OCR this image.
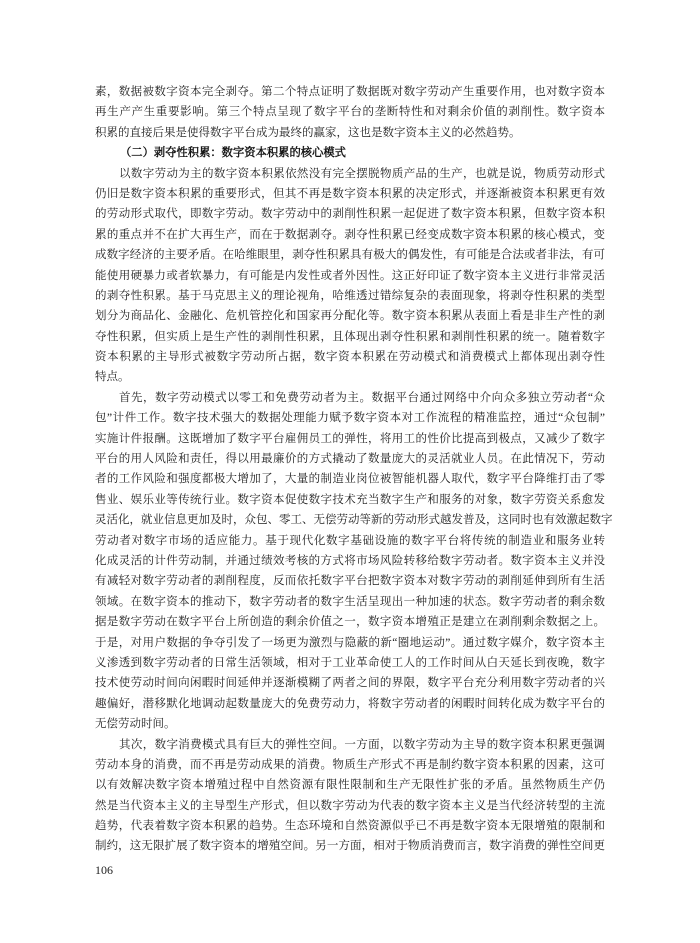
素，数据被数字资本完全剥夺。第二个特点证明了数据既对数字劳动产生重要作用，也对数字资本
再生产产生重要影响。第三个特点呈现了数字平台的垄断特性和对剩余价值的剥削性。数字资本
积累的直接后果是使得数字平台成为最终的赢家，这也是数字资本主义的必然趋势。
（二）剥夺性积累：数字资本积累的核心模式
以数字劳动为主的数字资本积累依然没有完全摆脱物质产品的生产，也就是说，物质劳动形式
仍旧是数字资本积累的重要形式，但其不再是数字资本积累的决定形式，并逐渐被资本积累更有效
的劳动形式取代，即数字劳动。数字劳动中的剥削性积累一起促进了数字资本积累，但数字资本积
累的重点并不在扩大再生产，而在于数据剥夺。剥夺性积累已经变成数字资本积累的核心模式，变
成数字经济的主要矛盾。在哈维眼里，剥夺性积累具有极大的偶发性，有可能是合法或者非法，有可
能使用硬暴力或者软暴力，有可能是内发性或者外因性。这正好印证了数字资本主义进行非常灵活
的剥夺性积累。基于马克思主义的理论视角，哈维透过错综复杂的表面现象，将剥夺性积累的类型
划分为商品化、金融化、危机管控化和国家再分配化等。数字资本积累从表面上看是非生产性的剥
夺性积累，但实质上是生产性的剥削性积累，且体现出剥夺性积累和剥削性积累的统一。随着数字
资本积累的主导形式被数字劳动所占据，数字资本积累在劳动模式和消费模式上都体现出剥夺性
特点。
首先，数字劳动模式以零工和免费劳动者为主。数据平台通过网络中介向众多独立劳动者“众
包”计件工作。数字技术强大的数据处理能力赋予数字资本对工作流程的精准监控，通过“众包制”
实施计件报酬。这既增加了数字平台雇佣员工的弹性，将用工的性价比提高到极点，又减少了数字
平台的用人风险和责任，得以用最廉价的方式撬动了数量庞大的灵活就业人员。在此情况下，劳动
者的工作风险和强度都极大增加了，大量的制造业岗位被智能机器人取代，数字平台降维打击了零
售业、娱乐业等传统行业。数字资本促使数字技术充当数字生产和服务的对象，数字劳资关系愈发
灵活化，就业信息更加及时，众包、零工、无偿劳动等新的劳动形式越发普及，这同时也有效激起数字
劳动者对数字市场的适应能力。基于现代化数字基础设施的数字平台将传统的制造业和服务业转
化成灵活的计件劳动制，并通过绩效考核的方式将市场风险转移给数字劳动者。数字资本主义并没
有减轻对数字劳动者的剥削程度，反而依托数字平台把数字资本对数字劳动的剥削延伸到所有生活
领域。在数字资本的推动下，数字劳动者的数字生活呈现出一种加速的状态。数字劳动者的剩余数
据是数字劳动在数字平台上所创造的剩余价值之一，数字资本增殖正是建立在剥削剩余数据之上。
于是，对用户数据的争夺引发了一场更为激烈与隐蔽的新“圈地运动”。通过数字媒介，数字资本主
义渗透到数字劳动者的日常生活领域，相对于工业革命使工人的工作时间从白天延长到夜晚，数字
技术使劳动时间向闲暇时间延伸并逐渐模糊了两者之间的界限，数字平台充分利用数字劳动者的兴
趣偏好，潜移默化地调动起数量庞大的免费劳动力，将数字劳动者的闲暇时间转化成为数字平台的
无偿劳动时间。
其次，数字消费模式具有巨大的弹性空间。一方面，以数字劳动为主导的数字资本积累更强调
劳动本身的消费，而不再是劳动成果的消费。物质生产形式不再是制约数字资本积累的因素，这可
以有效解决数字资本增殖过程中自然资源有限性限制和生产无限性扩张的矛盾。虽然物质生产仍
然是当代资本主义的主导型生产形式，但以数字劳动为代表的数字资本主义是当代经济转型的主流
趋势，代表着数字资本积累的趋势。生态环境和自然资源似乎已不再是数字资本无限增殖的限制和
制约，这无限扩展了数字资本的增殖空间。另一方面，相对于物质消费而言，数字消费的弹性空间更
106
